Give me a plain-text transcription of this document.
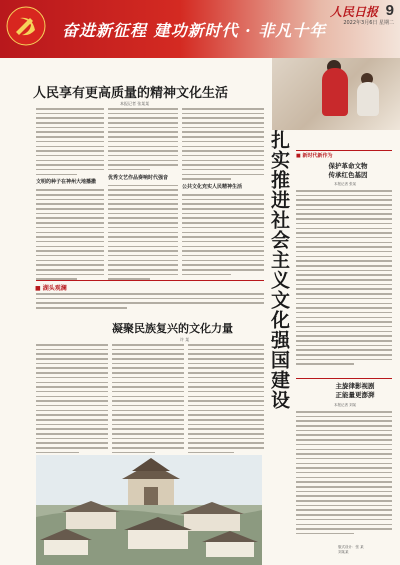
奋进新征程 建功新时代 · 非凡十年
人民日报 9
2022年3月6日 星期二
人民享有更高质量的精神文化生活
本报记者 张某某
文明的种子在神州大地播撒
优秀文艺作品奏响时代强音
公共文化充实人民精神生活
■ 湖头观澜
凝聚民族复兴的文化力量
许 某	扎实推进社会主义文化强国建设 ■ 新时代新作为
保护革命文物
传承红色基因
本报记者 张某
主旋律影视剧
正能量更澎湃
本报记者 刘某
版式设计：张 某
刘某某
